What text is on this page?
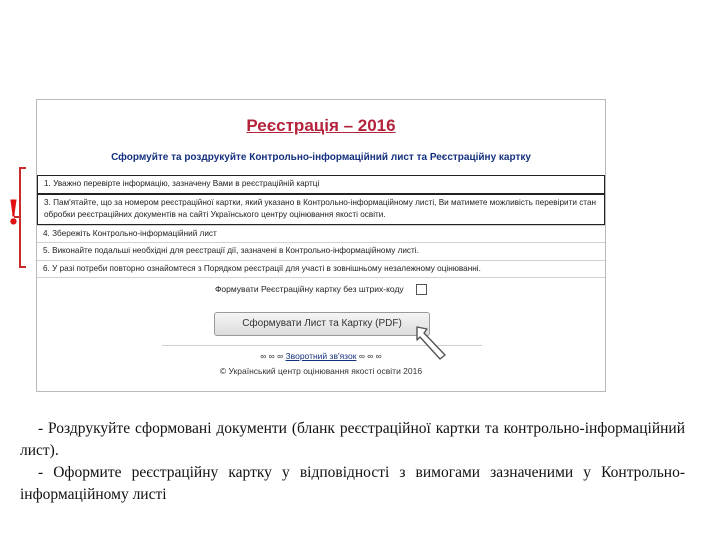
Реєстрація – 2016
Сформуйте та роздрукуйте Контрольно-інформаційний лист та Реєстраційну картку
1. Уважно перевірте інформацію, зазначену Вами в реєстраційній картці
3. Пам'ятайте, що за номером реєстраційної картки, який указано в Контрольно-інформаційному листі, Ви матимете можливість перевірити стан обробки реєстраційних документів на сайті Українського центру оцінювання якості освіти.
4. Збережіть Контрольно-інформаційний лист
5. Виконайте подальші необхідні для реєстрації дії, зазначені в Контрольно-інформаційному листі.
6. У разі потреби повторно ознайомтеся з Порядком реєстрації для участі в зовнішньому незалежному оцінюванні.
Формувати Реєстраційну картку без штрих-коду
Сформувати Лист та Картку (PDF)
∞ ∞ ∞ Зворотний зв'язок ∞ ∞ ∞
© Український центр оцінювання якості освіти 2016
!

- Роздрукуйте сформовані документи (бланк реєстраційної картки та контрольно-інформаційний лист).

- Оформите реєстраційну картку у відповідності з вимогами зазначеними у Контрольно-інформаційному листі
